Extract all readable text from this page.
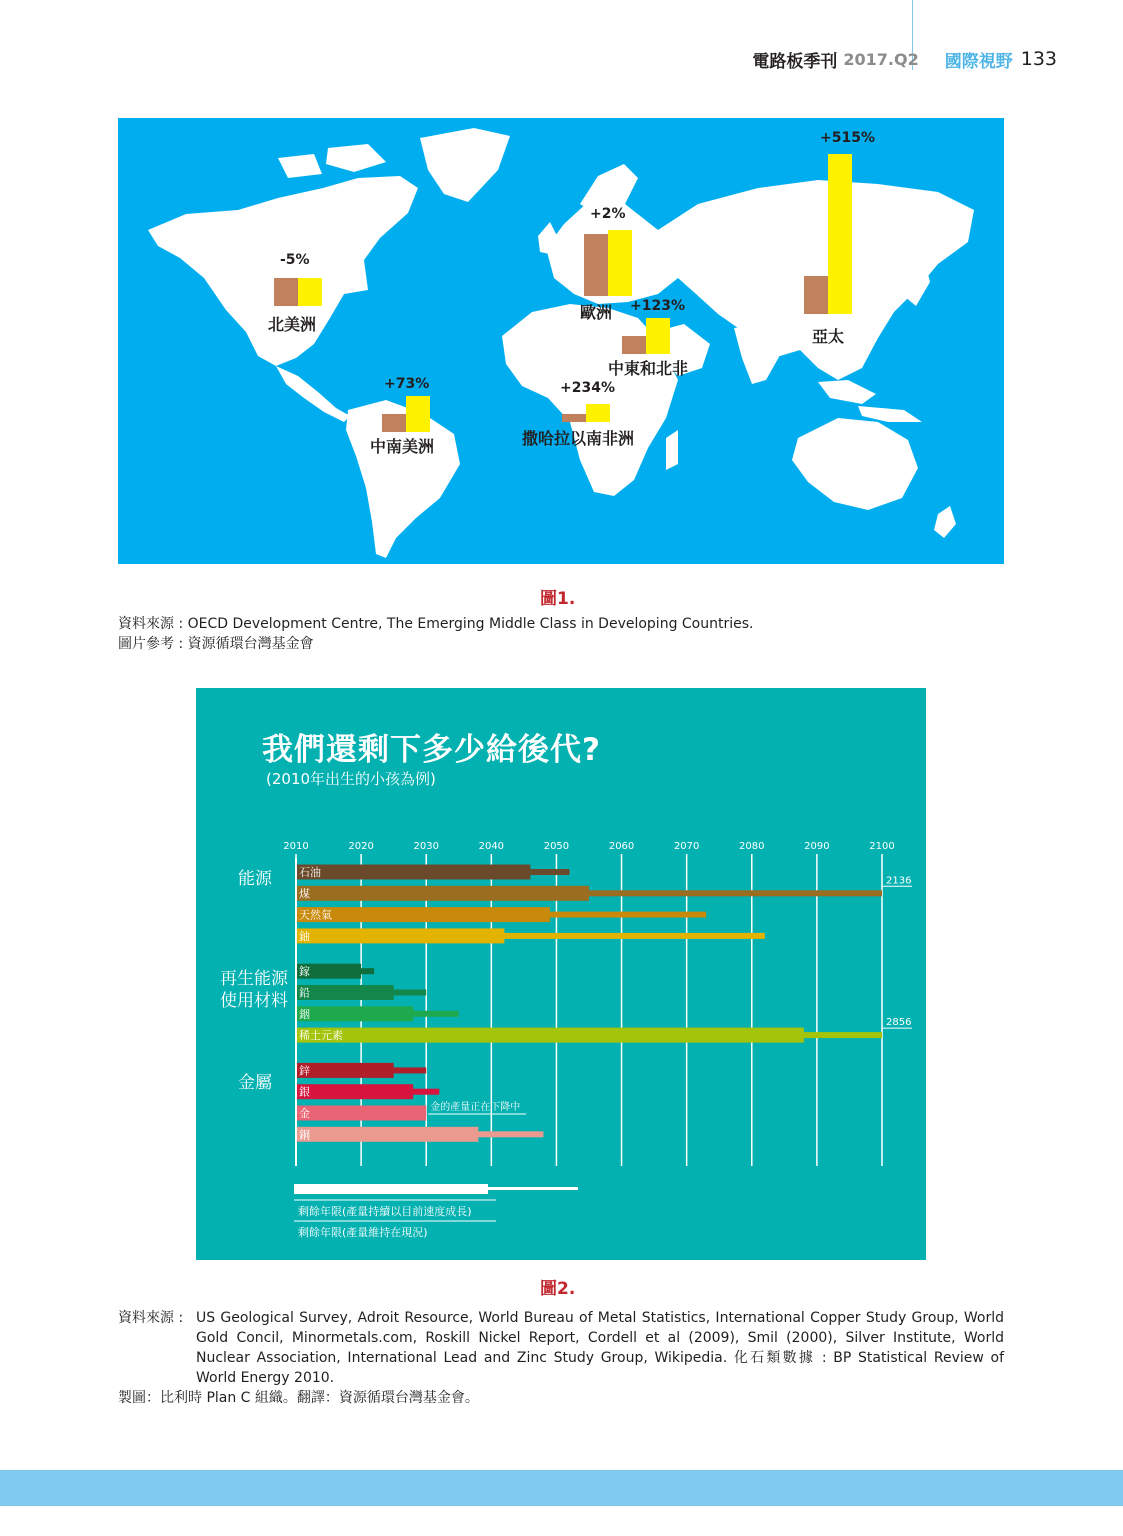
電路板季刊 2017.Q2 國際視野 133
-5%
北美洲
+73%
中南美洲
+2%
歐洲 +123%
中東和北非
+234%
撒哈拉以南非洲
+515%
亞太
圖1.
資料來源 : OECD Development Centre, The Emerging Middle Class in Developing Countries.
圖片參考 : 資源循環台灣基金會
我們還剩下多少給後代?
(2010年出生的小孩為例)
能源
再生能源
使用材料
金屬
2010	2020	2030	2040	2050	2060	2070	2080	2090	2100
石油
煤
2136
天然氣
鈾
鎵
鉛
銦
稀土元素
2856
鋅
銀
金	金的產量正在下降中
銅
剩餘年限(產量持續以目前速度成長)
剩餘年限(產量維持在現況)
圖2.
資料來源 : US Geological Survey, Adroit Resource, World Bureau of Metal Statistics, International Copper Study Group, World Gold Concil, Minormetals.com, Roskill Nickel Report, Cordell et al (2009), Smil (2000), Silver Institute, World Nuclear Association, International Lead and Zinc Study Group, Wikipedia. 化石類數據 : BP Statistical Review of World Energy 2010.
製圖：比利時 Plan C 組織。翻譯：資源循環台灣基金會。
